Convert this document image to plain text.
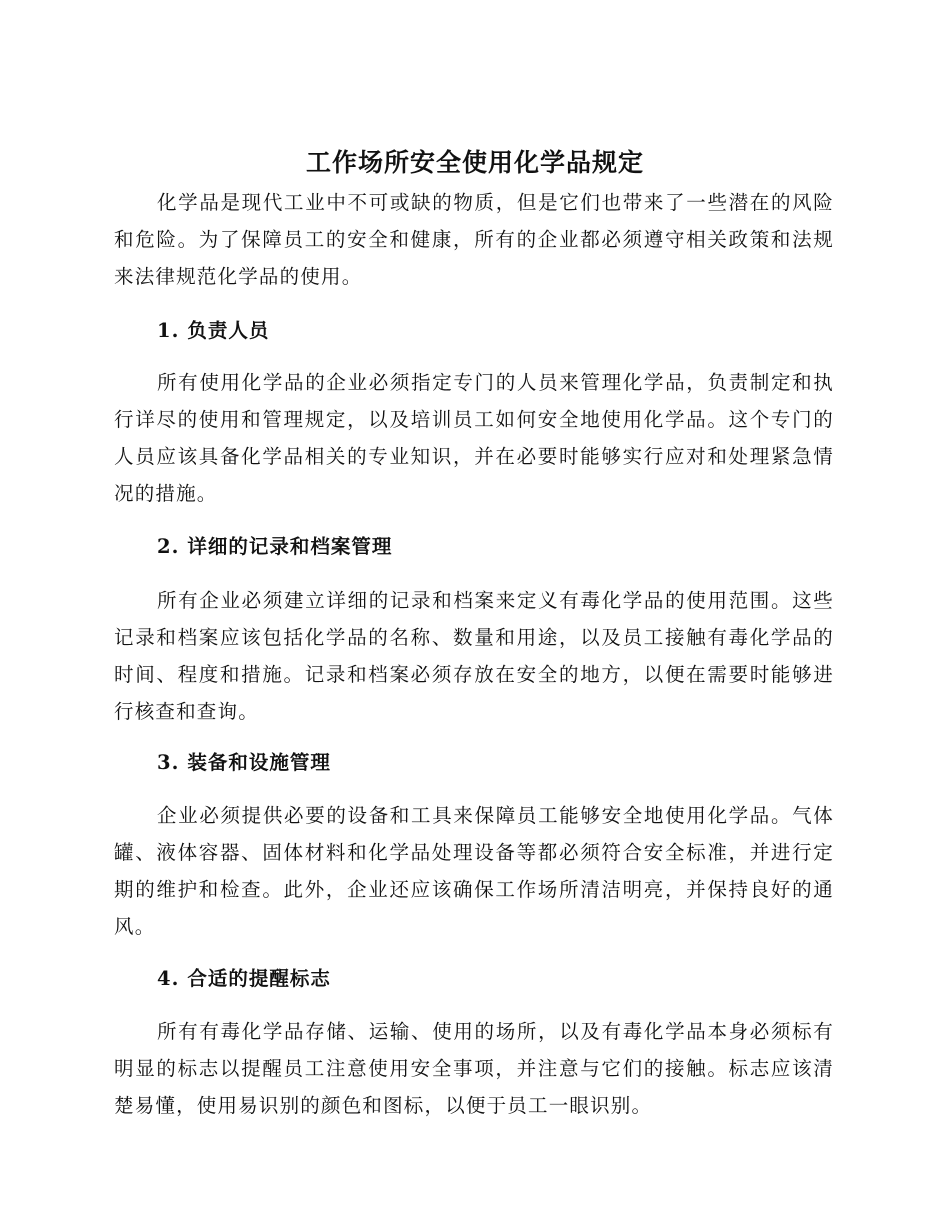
工作场所安全使用化学品规定

化学品是现代工业中不可或缺的物质，但是它们也带来了一些潜在的风险和危险。为了保障员工的安全和健康，所有的企业都必须遵守相关政策和法规来法律规范化学品的使用。

1. 负责人员

所有使用化学品的企业必须指定专门的人员来管理化学品，负责制定和执行详尽的使用和管理规定，以及培训员工如何安全地使用化学品。这个专门的人员应该具备化学品相关的专业知识，并在必要时能够实行应对和处理紧急情况的措施。

2. 详细的记录和档案管理

所有企业必须建立详细的记录和档案来定义有毒化学品的使用范围。这些记录和档案应该包括化学品的名称、数量和用途，以及员工接触有毒化学品的时间、程度和措施。记录和档案必须存放在安全的地方，以便在需要时能够进行核查和查询。

3. 装备和设施管理

企业必须提供必要的设备和工具来保障员工能够安全地使用化学品。气体罐、液体容器、固体材料和化学品处理设备等都必须符合安全标准，并进行定期的维护和检查。此外，企业还应该确保工作场所清洁明亮，并保持良好的通风。

4. 合适的提醒标志

所有有毒化学品存储、运输、使用的场所，以及有毒化学品本身必须标有明显的标志以提醒员工注意使用安全事项，并注意与它们的接触。标志应该清楚易懂，使用易识别的颜色和图标，以便于员工一眼识别。
